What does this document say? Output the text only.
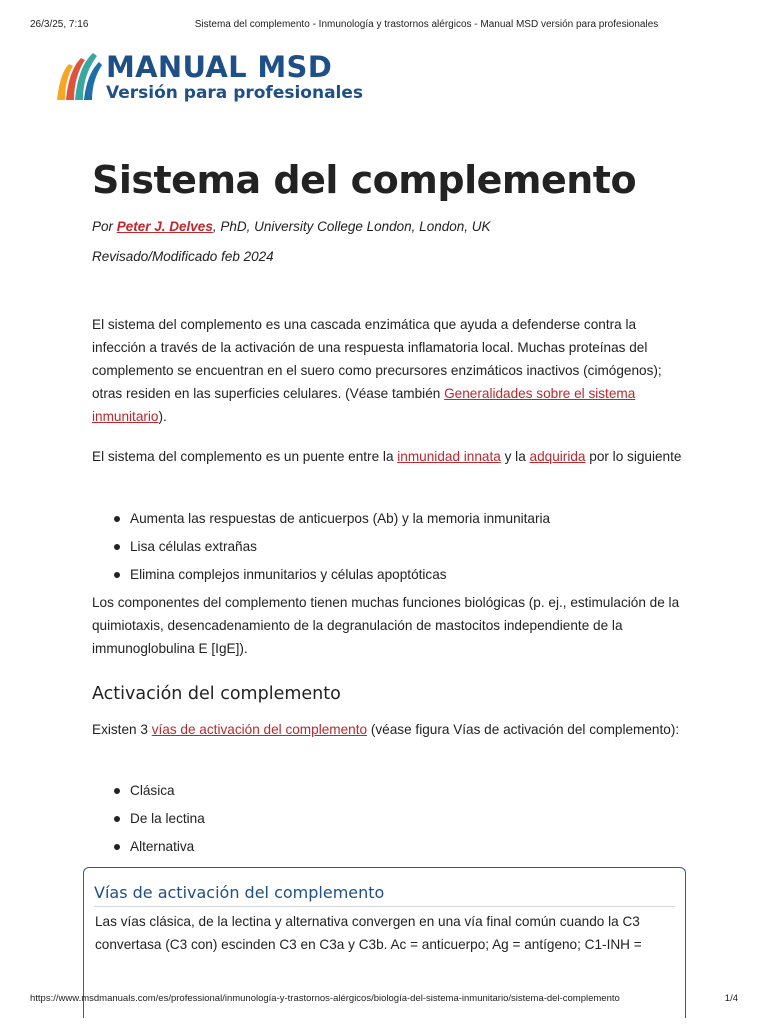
26/3/25, 7:16	Sistema del complemento - Inmunología y trastornos alérgicos - Manual MSD versión para profesionales
MANUAL MSD
Versión para profesionales
Sistema del complemento
Por Peter J. Delves, PhD, University College London, London, UK
Revisado/Modificado feb 2024

El sistema del complemento es una cascada enzimática que ayuda a defenderse contra la infección a través de la activación de una respuesta inflamatoria local. Muchas proteínas del complemento se encuentran en el suero como precursores enzimáticos inactivos (cimógenos); otras residen en las superficies celulares. (Véase también Generalidades sobre el sistema inmunitario).

El sistema del complemento es un puente entre la inmunidad innata y la adquirida por lo siguiente

Aumenta las respuestas de anticuerpos (Ab) y la memoria inmunitaria
Lisa células extrañas
Elimina complejos inmunitarios y células apoptóticas

Los componentes del complemento tienen muchas funciones biológicas (p. ej., estimulación de la quimiotaxis, desencadenamiento de la degranulación de mastocitos independiente de la immunoglobulina E [IgE]).

Activación del complemento

Existen 3 vías de activación del complemento (véase figura Vías de activación del complemento):

Clásica
De la lectina
Alternativa
Vías de activación del complemento

Las vías clásica, de la lectina y alternativa convergen en una vía final común cuando la C3 convertasa (C3 con) escinden C3 en C3a y C3b. Ac = anticuerpo; Ag = antígeno; C1-INH =

https://www.msdmanuals.com/es/professional/inmunología-y-trastornos-alérgicos/biología-del-sistema-inmunitario/sistema-del-complemento	1/4
